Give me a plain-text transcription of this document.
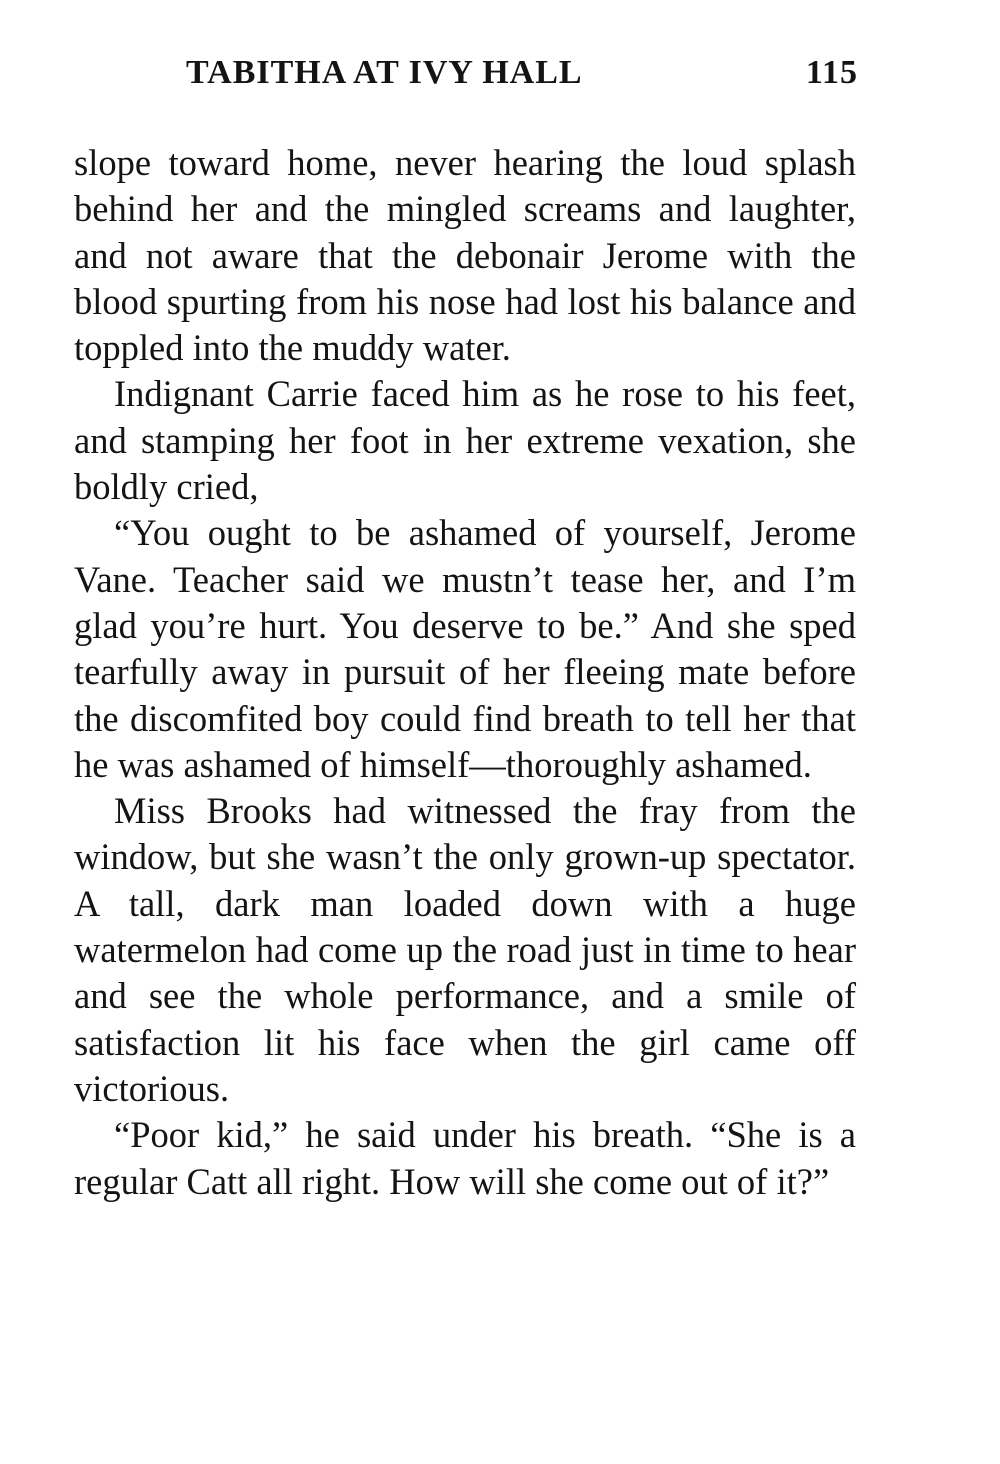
TABITHA AT IVY HALL	115

slope toward home, never hearing the loud splash behind her and the mingled screams and laughter, and not aware that the debonair Jerome with the blood spurting from his nose had lost his balance and toppled into the muddy water.

Indignant Carrie faced him as he rose to his feet, and stamping her foot in her extreme vexation, she boldly cried,

“You ought to be ashamed of yourself, Jerome Vane. Teacher said we mustn’t tease her, and I’m glad you’re hurt. You deserve to be.” And she sped tearfully away in pursuit of her fleeing mate before the discomfited boy could find breath to tell her that he was ashamed of himself—thoroughly ashamed.

Miss Brooks had witnessed the fray from the window, but she wasn’t the only grown-up spectator. A tall, dark man loaded down with a huge watermelon had come up the road just in time to hear and see the whole performance, and a smile of satisfaction lit his face when the girl came off victorious.

“Poor kid,” he said under his breath. “She is a regular Catt all right. How will she come out of it?”
